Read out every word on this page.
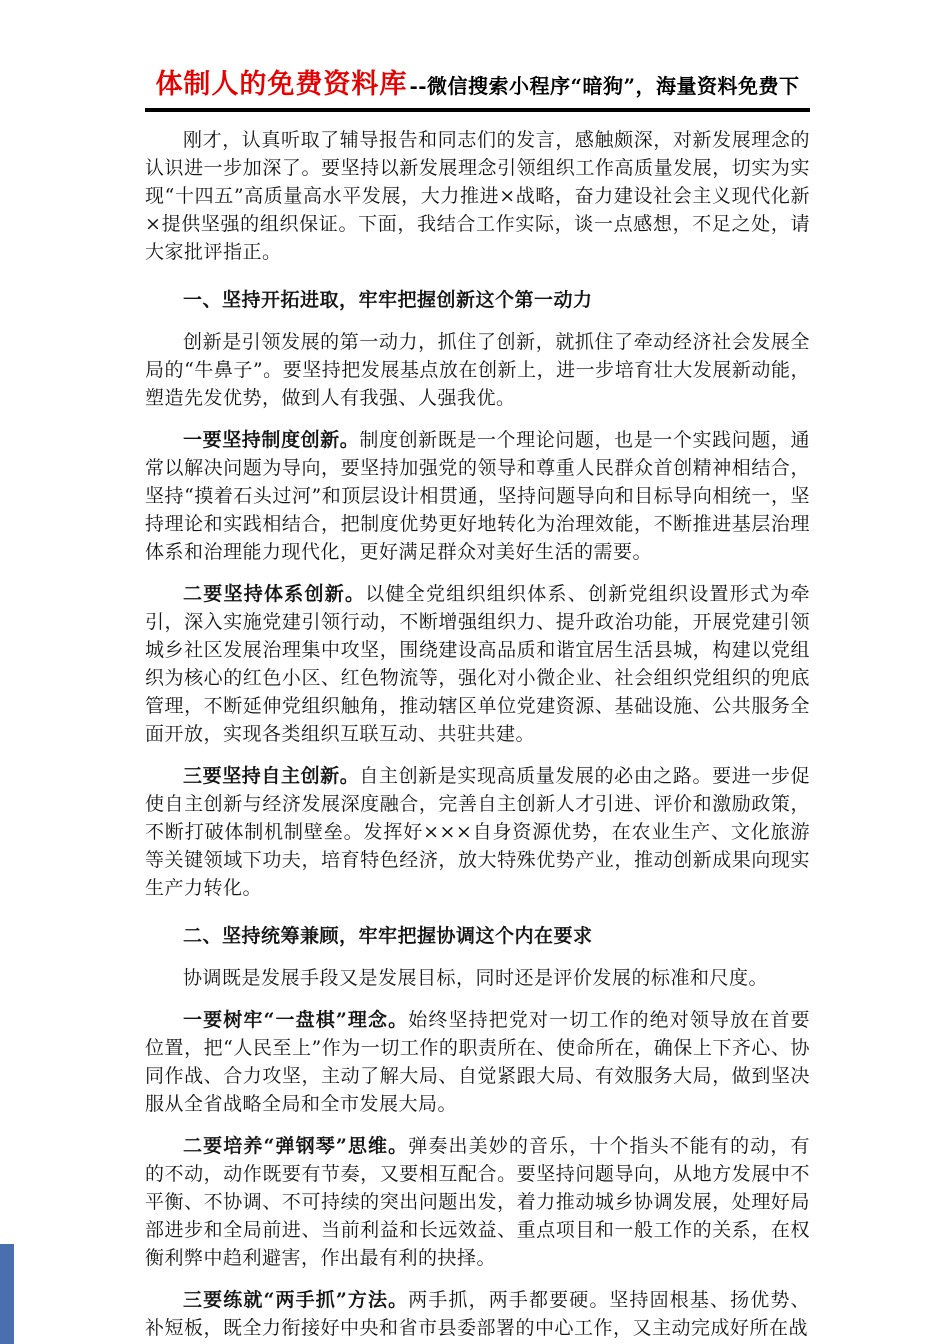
体制人的免费资料库 --微信搜索小程序“暗狗”，海量资料免费下

刚才，认真听取了辅导报告和同志们的发言，感触颇深，对新发展理念的认识进一步加深了。要坚持以新发展理念引领组织工作高质量发展，切实为实现“十四五”高质量高水平发展，大力推进×战略，奋力建设社会主义现代化新×提供坚强的组织保证。下面，我结合工作实际，谈一点感想，不足之处，请大家批评指正。

一、坚持开拓进取，牢牢把握创新这个第一动力

创新是引领发展的第一动力，抓住了创新，就抓住了牵动经济社会发展全局的“牛鼻子”。要坚持把发展基点放在创新上，进一步培育壮大发展新动能，塑造先发优势，做到人有我强、人强我优。

一要坚持制度创新。制度创新既是一个理论问题，也是一个实践问题，通常以解决问题为导向，要坚持加强党的领导和尊重人民群众首创精神相结合，坚持“摸着石头过河”和顶层设计相贯通，坚持问题导向和目标导向相统一，坚持理论和实践相结合，把制度优势更好地转化为治理效能，不断推进基层治理体系和治理能力现代化，更好满足群众对美好生活的需要。

二要坚持体系创新。以健全党组织组织体系、创新党组织设置形式为牵引，深入实施党建引领行动，不断增强组织力、提升政治功能，开展党建引领城乡社区发展治理集中攻坚，围绕建设高品质和谐宜居生活县城，构建以党组织为核心的红色小区、红色物流等，强化对小微企业、社会组织党组织的兜底管理，不断延伸党组织触角，推动辖区单位党建资源、基础设施、公共服务全面开放，实现各类组织互联互动、共驻共建。

三要坚持自主创新。自主创新是实现高质量发展的必由之路。要进一步促使自主创新与经济发展深度融合，完善自主创新人才引进、评价和激励政策，不断打破体制机制壁垒。发挥好×××自身资源优势，在农业生产、文化旅游等关键领域下功夫，培育特色经济，放大特殊优势产业，推动创新成果向现实生产力转化。

二、坚持统筹兼顾，牢牢把握协调这个内在要求

协调既是发展手段又是发展目标，同时还是评价发展的标准和尺度。

一要树牢“一盘棋”理念。始终坚持把党对一切工作的绝对领导放在首要位置，把“人民至上”作为一切工作的职责所在、使命所在，确保上下齐心、协同作战、合力攻坚，主动了解大局、自觉紧跟大局、有效服务大局，做到坚决服从全省战略全局和全市发展大局。

二要培养“弹钢琴”思维。弹奏出美妙的音乐，十个指头不能有的动，有的不动，动作既要有节奏，又要相互配合。要坚持问题导向，从地方发展中不平衡、不协调、不可持续的突出问题出发，着力推动城乡协调发展，处理好局部进步和全局前进、当前利益和长远效益、重点项目和一般工作的关系，在权衡利弊中趋利避害，作出最有利的抉择。

三要练就“两手抓”方法。两手抓，两手都要硬。坚持固根基、扬优势、补短板，既全力衔接好中央和省市县委部署的中心工作，又主动完成好所在战
